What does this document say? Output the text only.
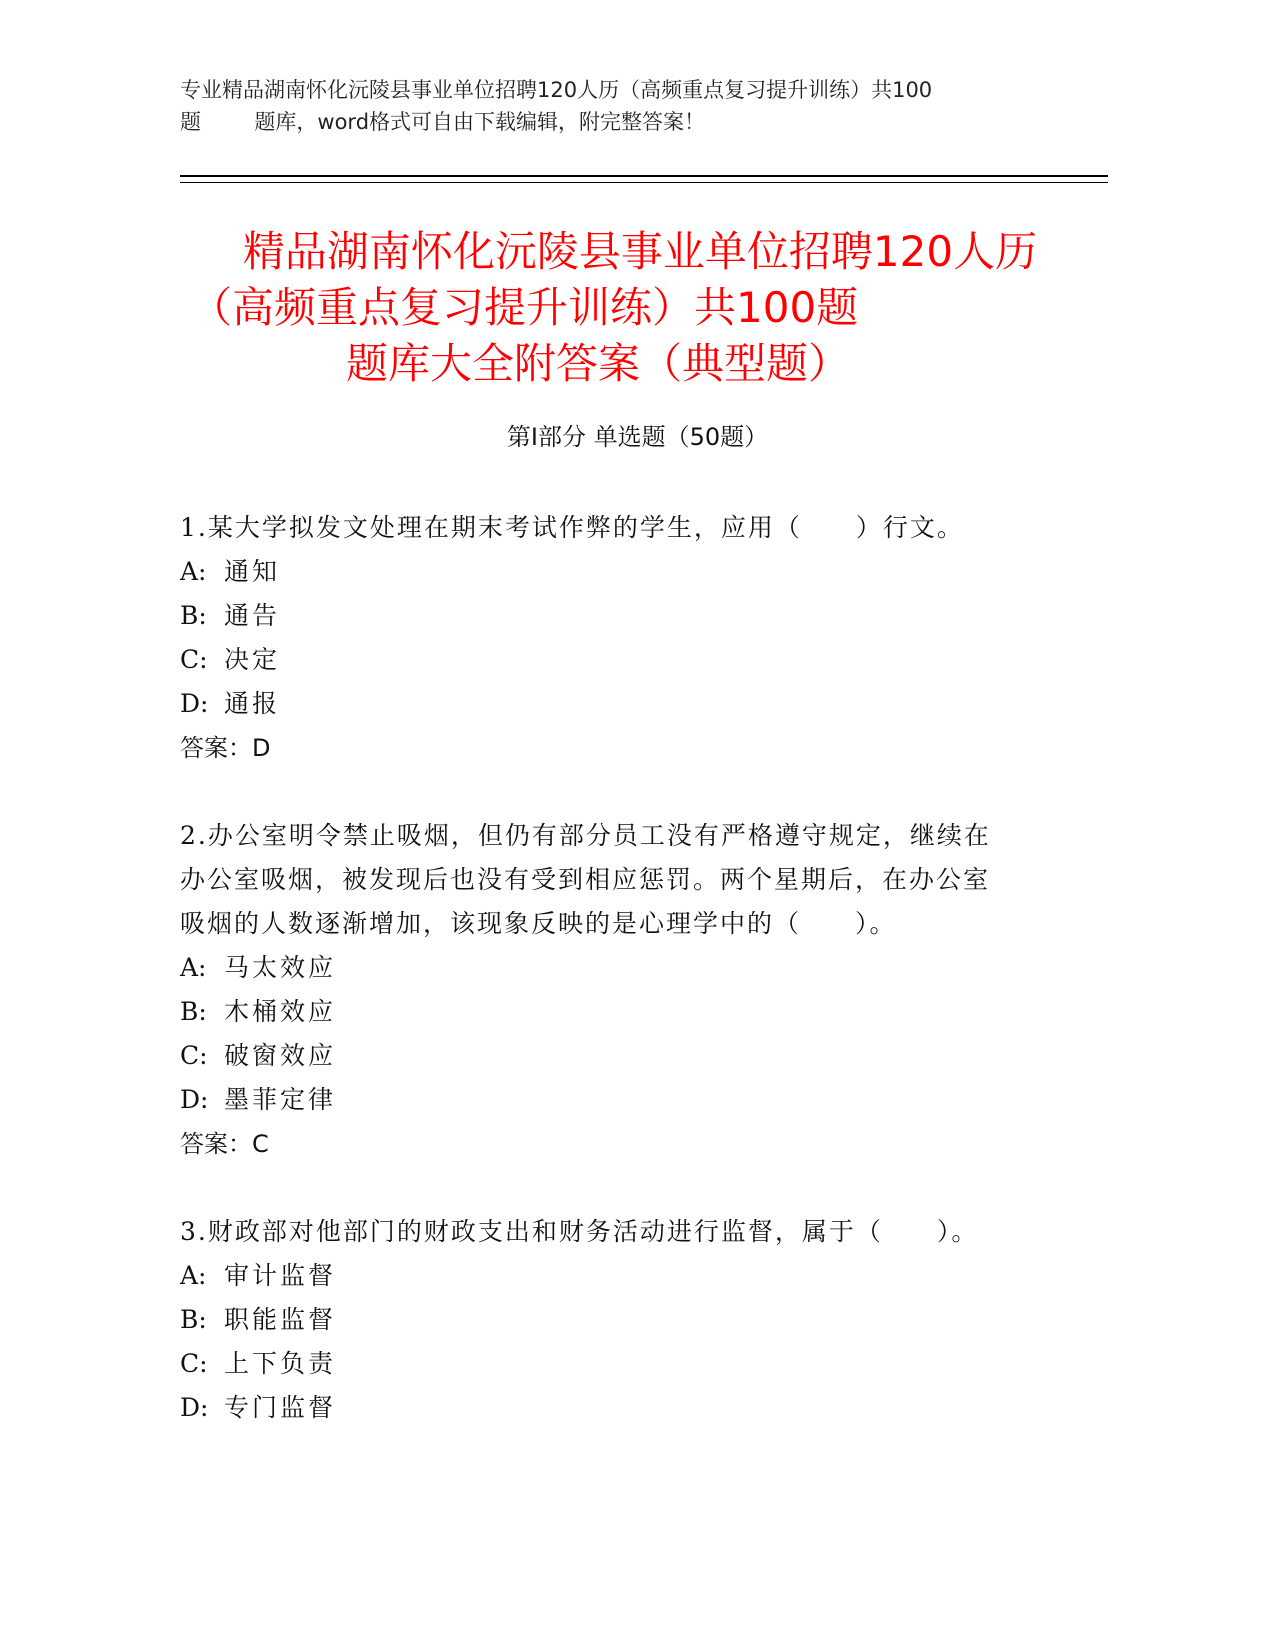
专业精品湖南怀化沅陵县事业单位招聘120人历（高频重点复习提升训练）共100
题        题库，word格式可自由下载编辑，附完整答案！
精品湖南怀化沅陵县事业单位招聘120人历
（高频重点复习提升训练）共100题
题库大全附答案（典型题）
第Ⅰ部分 单选题（50题）
1.某大学拟发文处理在期末考试作弊的学生，应用（　　）行文。
A: 通知
B: 通告
C: 决定
D: 通报
答案：D
2.办公室明令禁止吸烟，但仍有部分员工没有严格遵守规定，继续在
办公室吸烟，被发现后也没有受到相应惩罚。两个星期后，在办公室
吸烟的人数逐渐增加，该现象反映的是心理学中的（　　）。
A: 马太效应
B: 木桶效应
C: 破窗效应
D: 墨菲定律
答案：C
3.财政部对他部门的财政支出和财务活动进行监督，属于（　　）。
A: 审计监督
B: 职能监督
C: 上下负责
D: 专门监督
